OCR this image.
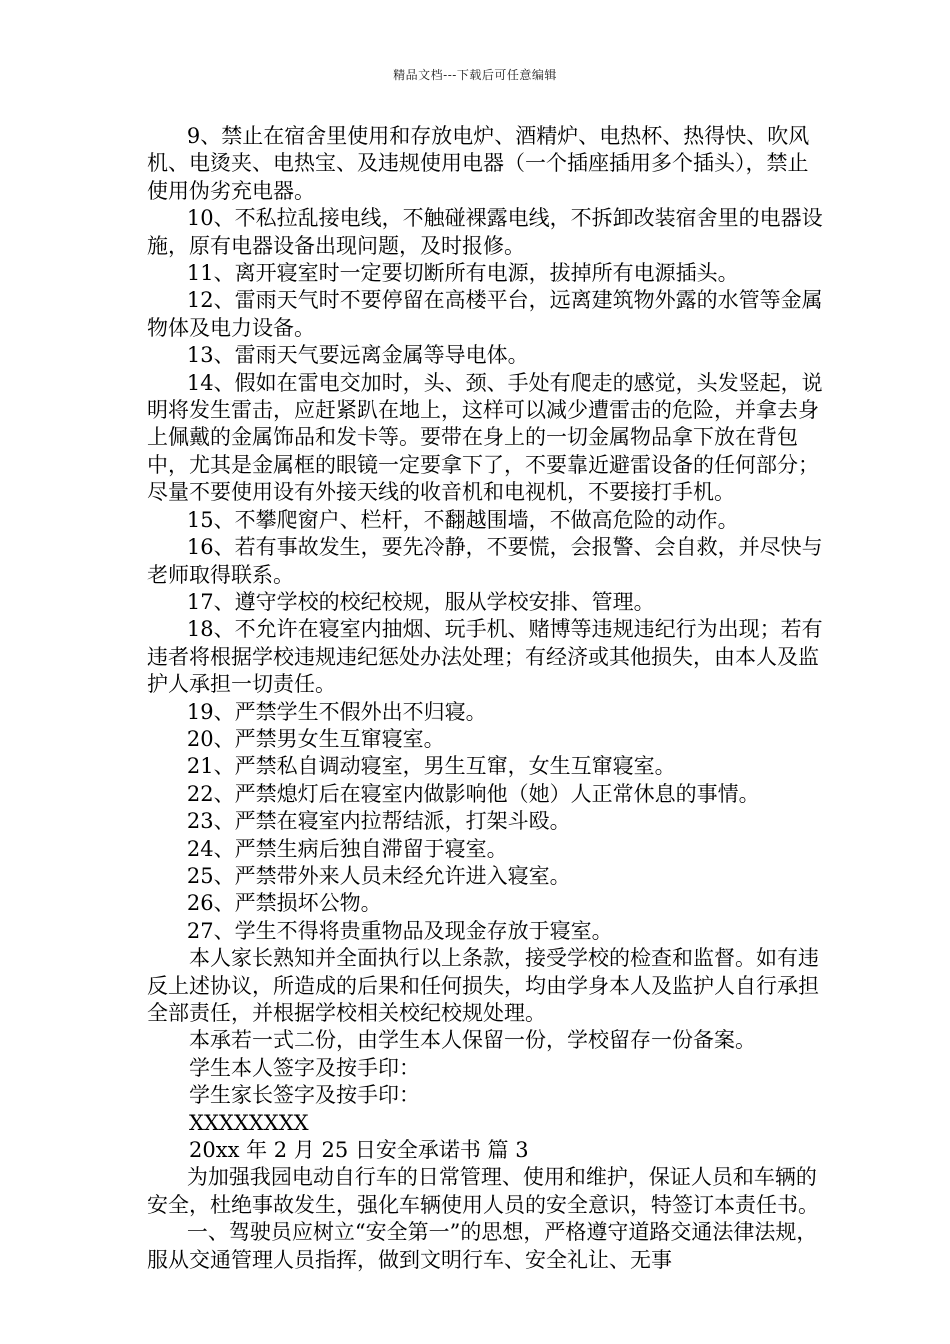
精品文档---下载后可任意编辑

9、禁止在宿舍里使用和存放电炉、酒精炉、电热杯、热得快、吹风机、电烫夹、电热宝、及违规使用电器（一个插座插用多个插头），禁止使用伪劣充电器。

10、不私拉乱接电线，不触碰裸露电线，不拆卸改装宿舍里的电器设施，原有电器设备出现问题，及时报修。

11、离开寝室时一定要切断所有电源，拔掉所有电源插头。

12、雷雨天气时不要停留在高楼平台，远离建筑物外露的水管等金属物体及电力设备。

13、雷雨天气要远离金属等导电体。

14、假如在雷电交加时，头、颈、手处有爬走的感觉，头发竖起，说明将发生雷击，应赶紧趴在地上，这样可以减少遭雷击的危险，并拿去身上佩戴的金属饰品和发卡等。要带在身上的一切金属物品拿下放在背包中，尤其是金属框的眼镜一定要拿下了，不要靠近避雷设备的任何部分；尽量不要使用设有外接天线的收音机和电视机，不要接打手机。

15、不攀爬窗户、栏杆，不翻越围墙，不做高危险的动作。

16、若有事故发生，要先冷静，不要慌，会报警、会自救，并尽快与老师取得联系。

17、遵守学校的校纪校规，服从学校安排、管理。

18、不允许在寝室内抽烟、玩手机、赌博等违规违纪行为出现；若有违者将根据学校违规违纪惩处办法处理；有经济或其他损失，由本人及监护人承担一切责任。

19、严禁学生不假外出不归寝。

20、严禁男女生互窜寝室。

21、严禁私自调动寝室，男生互窜，女生互窜寝室。

22、严禁熄灯后在寝室内做影响他（她）人正常休息的事情。

23、严禁在寝室内拉帮结派，打架斗殴。

24、严禁生病后独自滞留于寝室。

25、严禁带外来人员未经允许进入寝室。

26、严禁损坏公物。

27、学生不得将贵重物品及现金存放于寝室。

本人家长熟知并全面执行以上条款，接受学校的检查和监督。如有违反上述协议，所造成的后果和任何损失，均由学身本人及监护人自行承担全部责任，并根据学校相关校纪校规处理。

本承若一式二份，由学生本人保留一份，学校留存一份备案。

学生本人签字及按手印：

学生家长签字及按手印：

XXXXXXXX

20xx 年 2 月 25 日安全承诺书 篇 3

为加强我园电动自行车的日常管理、使用和维护，保证人员和车辆的安全，杜绝事故发生，强化车辆使用人员的安全意识，特签订本责任书。

一、驾驶员应树立“安全第一”的思想，严格遵守道路交通法律法规，服从交通管理人员指挥，做到文明行车、安全礼让、无事
